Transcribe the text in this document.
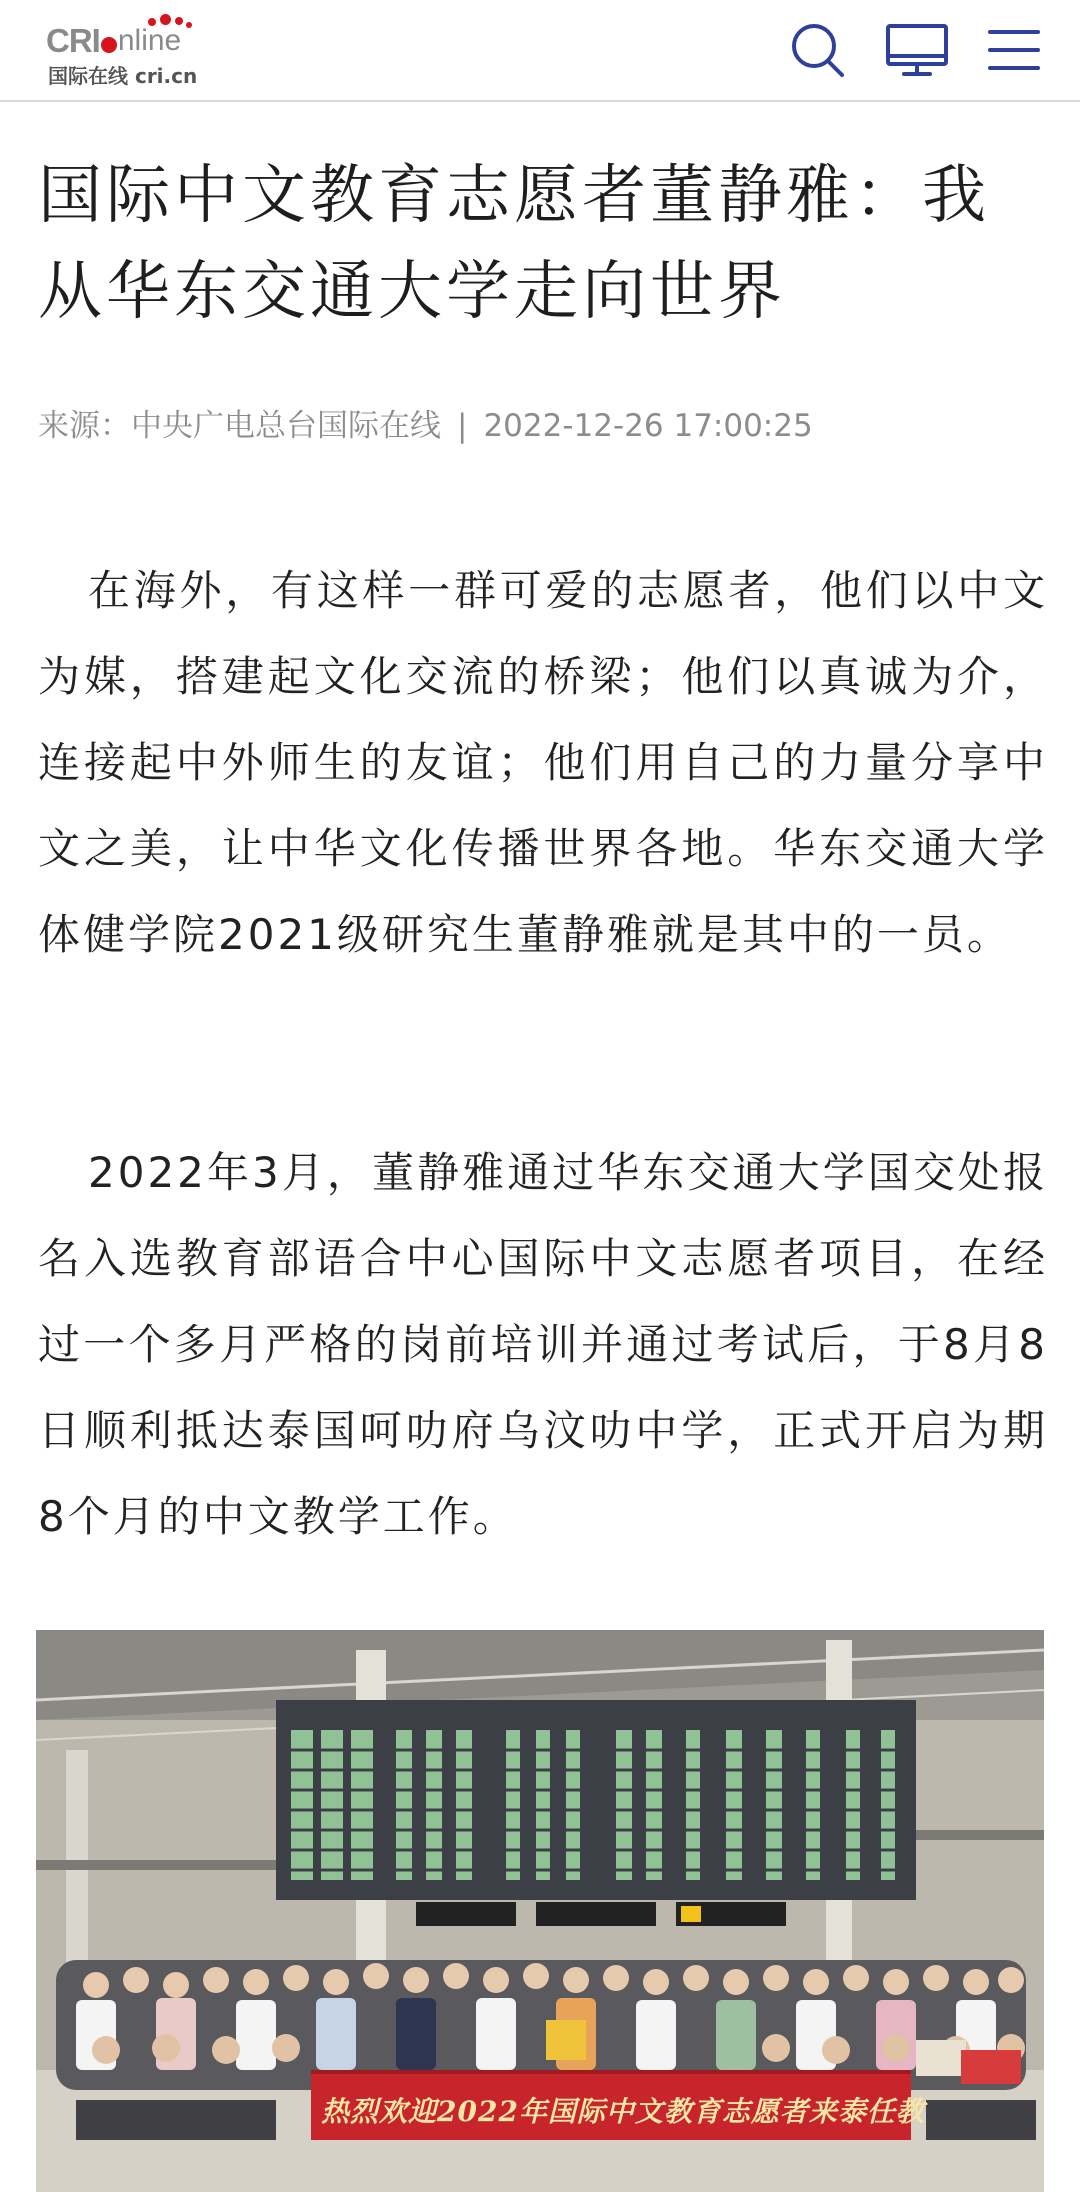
CRI nline
国际在线 cri.cn
国际中文教育志愿者董静雅：我从华东交通大学走向世界
来源：中央广电总台国际在线 | 2022-12-26 17:00:25

在海外，有这样一群可爱的志愿者，他们以中文为媒，搭建起文化交流的桥梁；他们以真诚为介，连接起中外师生的友谊；他们用自己的力量分享中文之美，让中华文化传播世界各地。华东交通大学体健学院2021级研究生董静雅就是其中的一员。

2022年3月，董静雅通过华东交通大学国交处报名入选教育部语合中心国际中文志愿者项目，在经过一个多月严格的岗前培训并通过考试后，于8月8日顺利抵达泰国呵叻府乌汶叻中学，正式开启为期8个月的中文教学工作。

热烈欢迎2022年国际中文教育志愿者来泰任教
